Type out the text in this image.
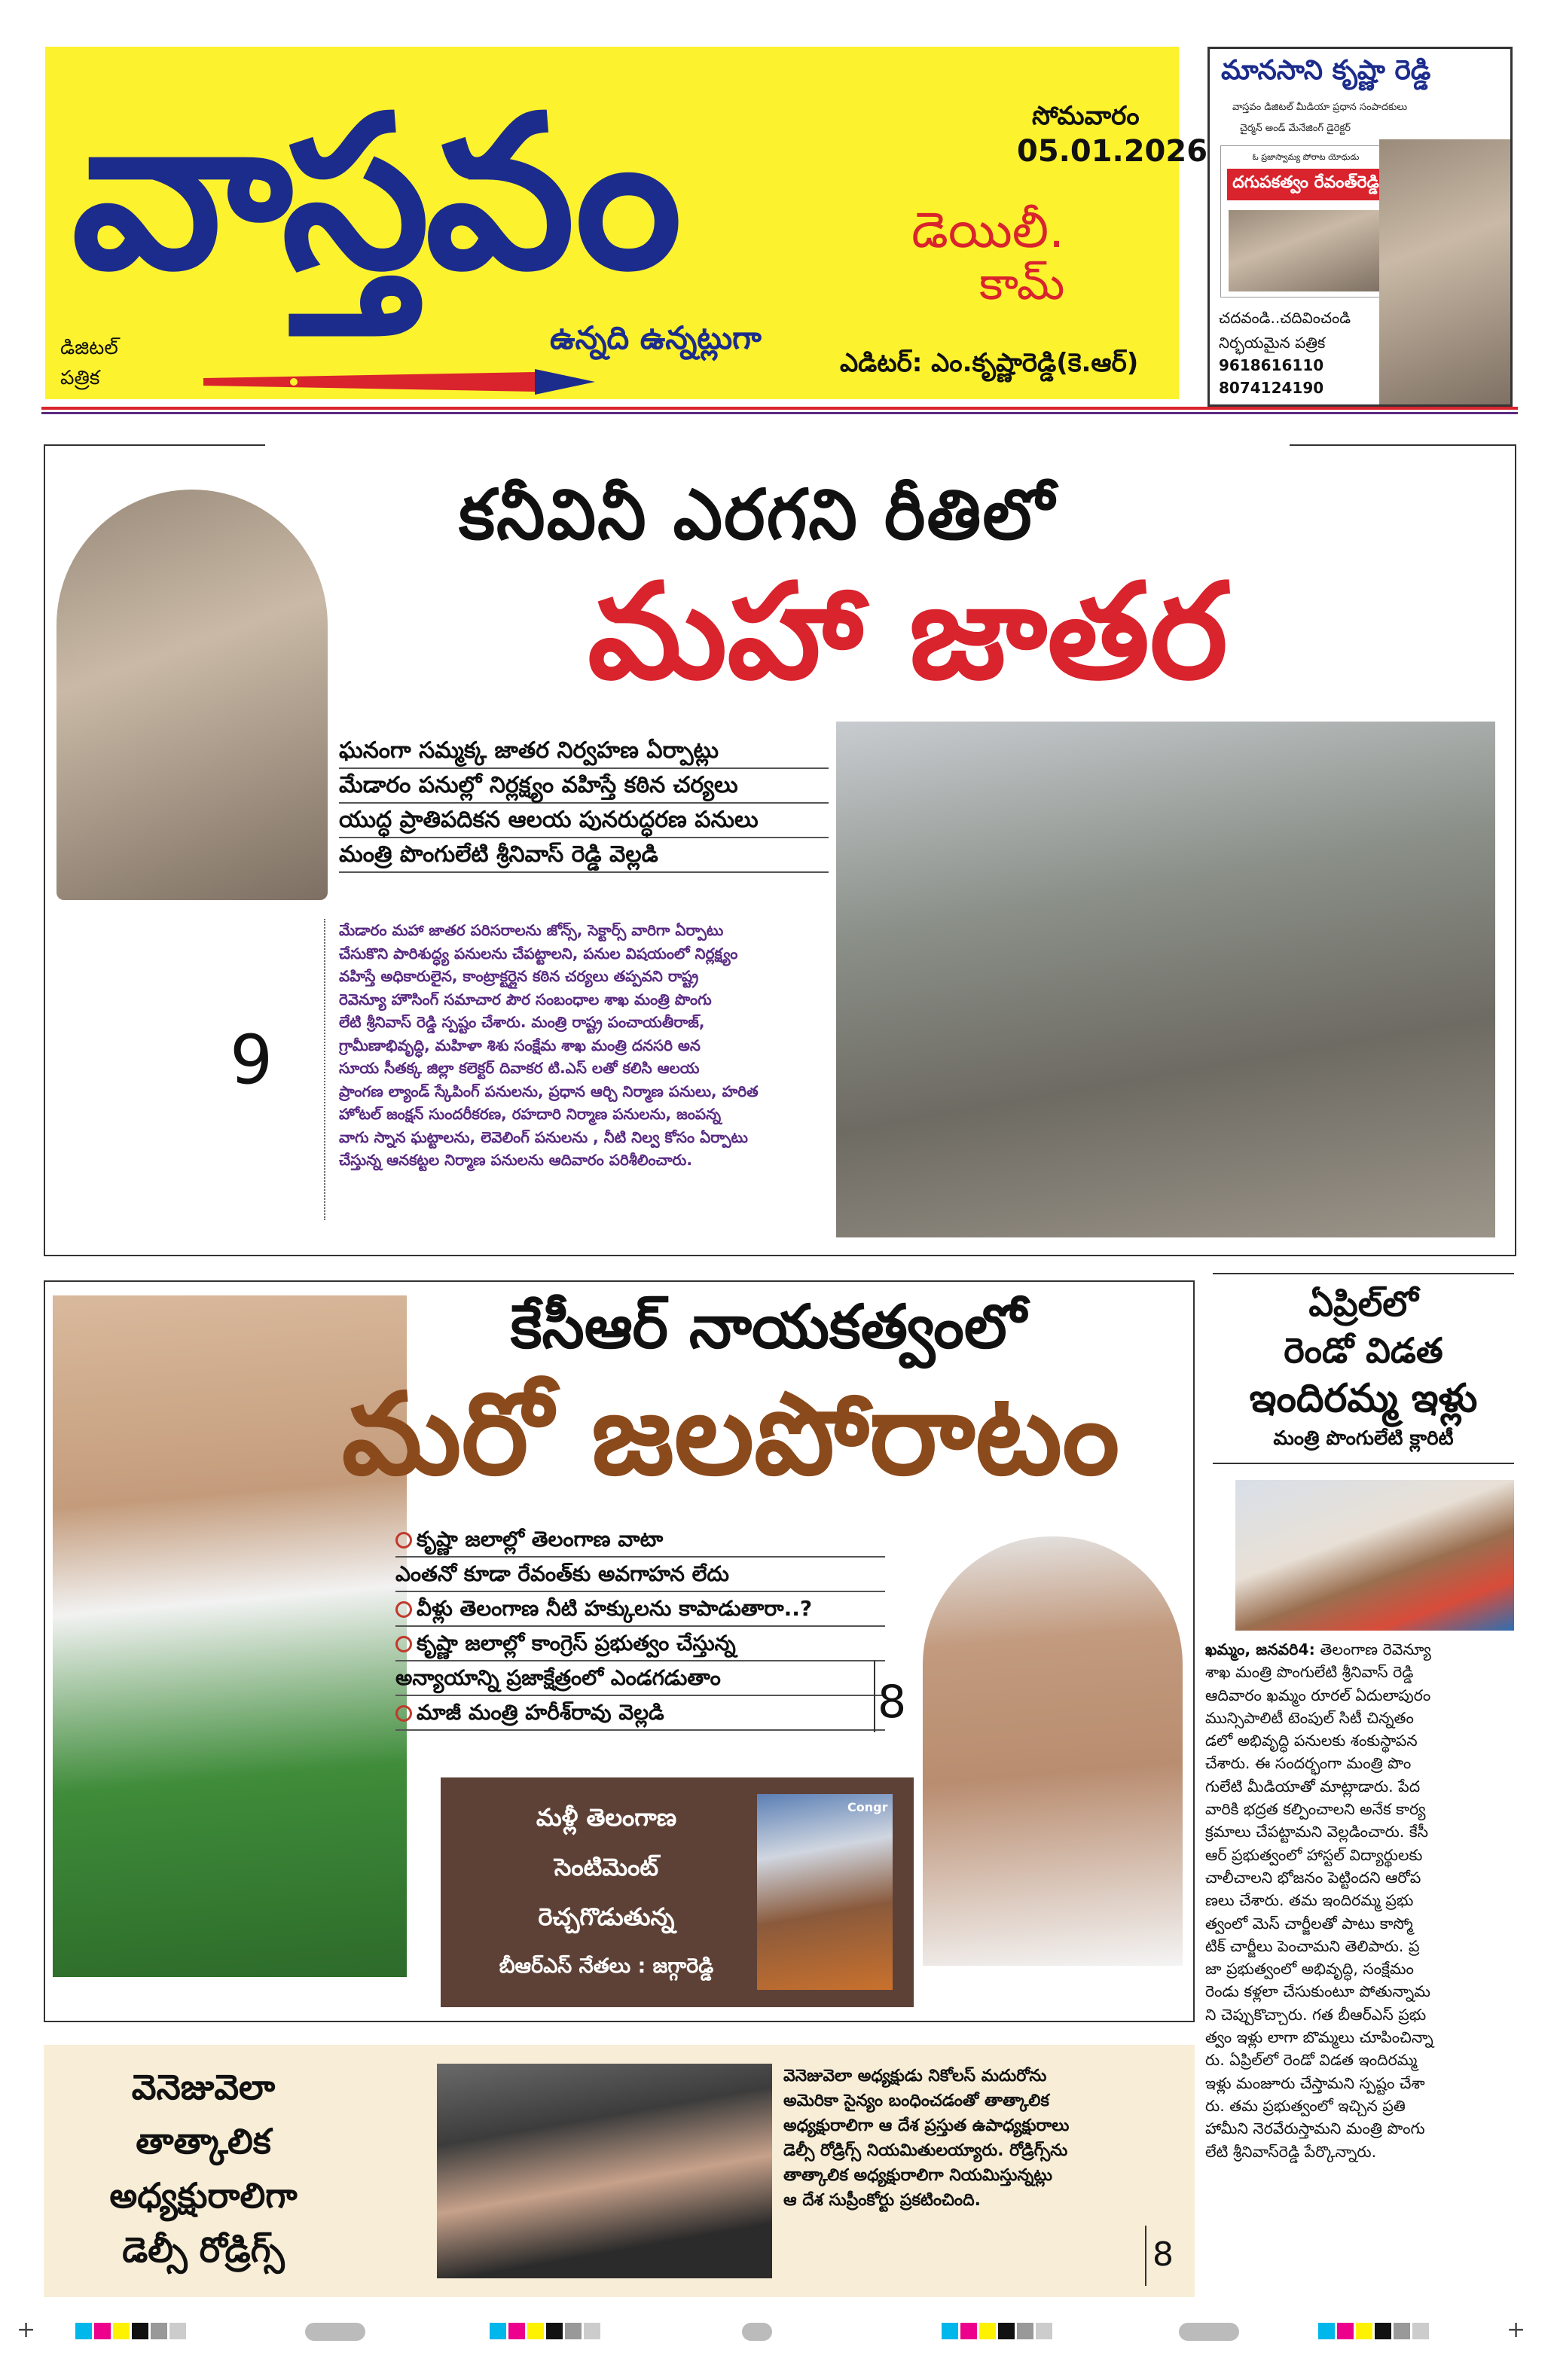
వాస్తవం
ఉన్నది ఉన్నట్లుగా
డిజిటల్
పత్రిక
సోమవారం
05.01.2026
డెయిలీ.
కామ్
ఎడిటర్: ఎం.కృష్ణారెడ్డి(కె.ఆర్)
మానసాని కృష్ణా రెడ్డి
వాస్తవం డిజిటల్ మీడియా ప్రధాన సంపాదకులు
చైర్మన్ అండ్ మేనేజింగ్ డైరెక్టర్
ఓ ప్రజాస్వామ్య పోరాట యోధుడు
దగుపకత్వం రేవంత్‌రెడ్డి
చదవండి..చదివించండి
నిర్భయమైన పత్రిక
9618616110
8074124190
కనీవినీ ఎరగని రీతిలో
మహా జాతర
ఘనంగా సమ్మక్క జాతర నిర్వహణ ఏర్పాట్లు
మేడారం పనుల్లో నిర్లక్ష్యం వహిస్తే కఠిన చర్యలు
యుద్ధ ప్రాతిపదికన ఆలయ పునరుద్ధరణ పనులు
మంత్రి పొంగులేటి శ్రీనివాస్ రెడ్డి వెల్లడి
9
మేడారం మహా జాతర పరిసరాలను జోన్స్, సెక్టార్స్ వారిగా ఏర్పాటు
చేసుకొని పారిశుద్ధ్య పనులను చేపట్టాలని, పనుల విషయంలో నిర్లక్ష్యం
వహిస్తే అధికారులైన, కాంట్రాక్టర్లైన కఠిన చర్యలు తప్పవని రాష్ట్ర
రెవెన్యూ హౌసింగ్ సమాచార పౌర సంబంధాల శాఖ మంత్రి పొంగు
లేటి శ్రీనివాస్ రెడ్డి స్పష్టం చేశారు. మంత్రి రాష్ట్ర పంచాయతీరాజ్,
గ్రామీణాభివృద్ధి, మహిళా శిశు సంక్షేమ శాఖ మంత్రి దనసరి అన
సూయ సీతక్క జిల్లా కలెక్టర్ దివాకర టి.ఎస్ లతో కలిసి ఆలయ
ప్రాంగణ ల్యాండ్ స్కేపింగ్ పనులను, ప్రధాన ఆర్చి నిర్మాణ పనులు, హరిత
హోటల్ జంక్షన్ సుందరీకరణ, రహదారి నిర్మాణ పనులను, జంపన్న
వాగు స్నాన ఘట్టాలను, లెవెలింగ్ పనులను , నీటి నిల్వ కోసం ఏర్పాటు
చేస్తున్న ఆనకట్టల నిర్మాణ పనులను ఆదివారం పరిశీలించారు.
కేసీఆర్ నాయకత్వంలో
మరో జలపోరాటం
కృష్ణా జలాల్లో తెలంగాణ వాటా
ఎంతనో కూడా రేవంత్‌కు అవగాహన లేదు
వీళ్లు తెలంగాణ నీటి హక్కులను కాపాడుతారా..?
కృష్ణా జలాల్లో కాంగ్రెస్ ప్రభుత్వం చేస్తున్న
అన్యాయాన్ని ప్రజాక్షేత్రంలో ఎండగడుతాం
మాజీ మంత్రి హరీశ్‌రావు వెల్లడి	8
మళ్లీ తెలంగాణ
సెంటిమెంట్
రెచ్చగొడుతున్న
బీఆర్ఎస్ నేతలు : జగ్గారెడ్డి
Congr
ఏప్రిల్‌లో
రెండో విడత
ఇందిరమ్మ ఇళ్లు
మంత్రి పొంగులేటి క్లారిటీ
ఖమ్మం, జనవరి4: తెలంగాణ రెవెన్యూ
శాఖ మంత్రి పొంగులేటి శ్రీనివాస్ రెడ్డి
ఆదివారం ఖమ్మం రూరల్ ఏదులాపురం
మున్సిపాలిటీ టెంపుల్ సిటీ చిన్నతం
డలో అభివృద్ధి పనులకు శంకుస్థాపన
చేశారు. ఈ సందర్భంగా మంత్రి పొం
గులేటి మీడియాతో మాట్లాడారు. పేద
వారికి భద్రత కల్పించాలని అనేక కార్య
క్రమాలు చేపట్టామని వెల్లడించారు. కేసీ
ఆర్ ప్రభుత్వంలో హాస్టల్ విద్యార్థులకు
చాలీచాలని భోజనం పెట్టిందని ఆరోప
ణలు చేశారు. తమ ఇందిరమ్మ ప్రభు
త్వంలో మెస్ చార్జీలతో పాటు కాస్మో
టిక్ చార్జీలు పెంచామని తెలిపారు. ప్ర
జా ప్రభుత్వంలో అభివృద్ధి, సంక్షేమం
రెండు కళ్లలా చేసుకుంటూ పోతున్నామ
ని చెప్పుకొచ్చారు. గత బీఆర్ఎస్ ప్రభు
త్వం ఇళ్లు లాగా బొమ్మలు చూపించిన్నా
రు. ఏప్రిల్‌లో రెండో విడత ఇందిరమ్మ
ఇళ్లు మంజూరు చేస్తామని స్పష్టం చేశా
రు. తమ ప్రభుత్వంలో ఇచ్చిన ప్రతి
హామీని నెరవేరుస్తామని మంత్రి పొంగు
లేటి శ్రీనివాస్‌రెడ్డి పేర్కొన్నారు.
వెనెజువెలా
తాత్కాలిక
అధ్యక్షురాలిగా
డెల్సీ రోడ్రిగ్స్
వెనెజువెలా అధ్యక్షుడు నికోలస్ మదురోను
అమెరికా సైన్యం బంధించడంతో తాత్కాలిక
అధ్యక్షురాలిగా ఆ దేశ ప్రస్తుత ఉపాధ్యక్షురాలు
డెల్సీ రోడ్రిగ్స్ నియమితులయ్యారు. రోడ్రిగ్స్‌ను
తాత్కాలిక అధ్యక్షురాలిగా నియమిస్తున్నట్లు
ఆ దేశ సుప్రీంకోర్టు ప్రకటించింది.
8
+	+
